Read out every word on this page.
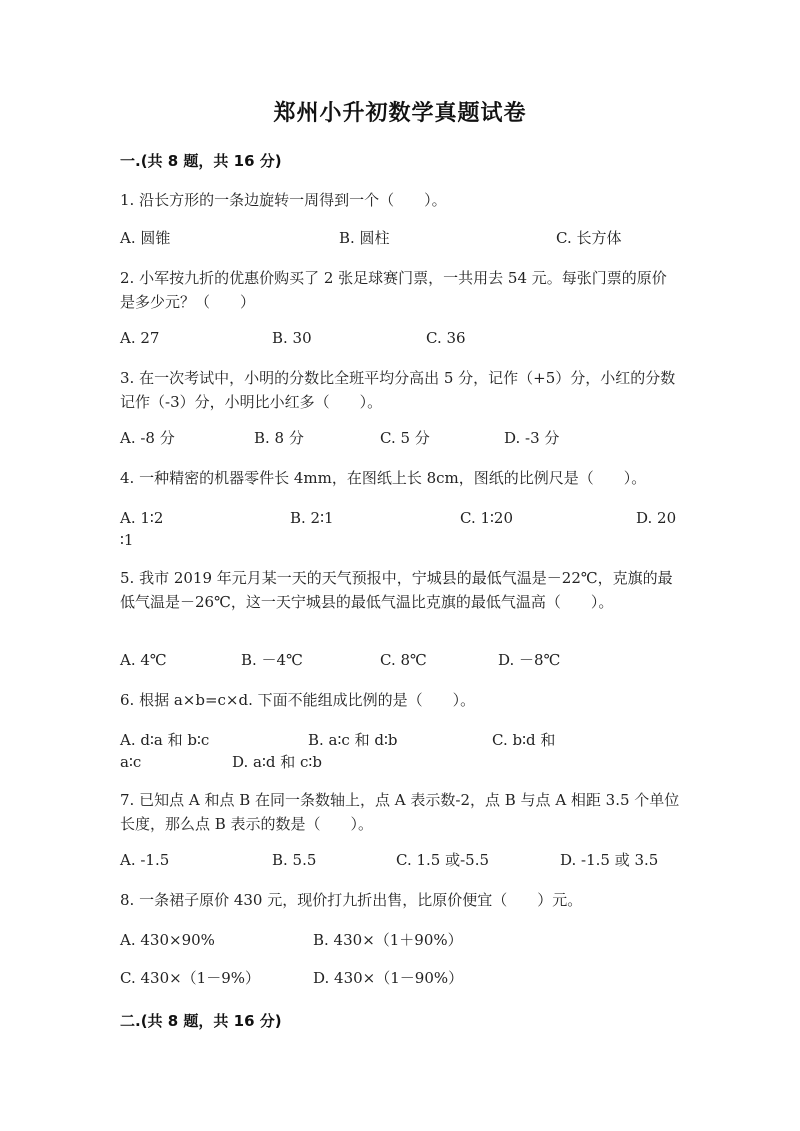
郑州小升初数学真题试卷
一.(共 8 题，共 16 分)
1. 沿长方形的一条边旋转一周得到一个（　　）。
A. 圆锥	B. 圆柱	C. 长方体
2. 小军按九折的优惠价购买了 2 张足球赛门票，一共用去 54 元。每张门票的原价是多少元？（　　）
A. 27	B. 30	C. 36
3. 在一次考试中，小明的分数比全班平均分高出 5 分，记作（+5）分，小红的分数记作（-3）分，小明比小红多（　　）。
A. -8 分	B. 8 分	C. 5 分	D. -3 分
4. 一种精密的机器零件长 4mm，在图纸上长 8cm，图纸的比例尺是（　　）。
A. 1∶2	B. 2∶1	C. 1∶20	D. 20
∶1
5. 我市 2019 年元月某一天的天气预报中，宁城县的最低气温是－22℃，克旗的最低气温是－26℃，这一天宁城县的最低气温比克旗的最低气温高（　　）。
A. 4℃	B. －4℃	C. 8℃	D. －8℃
6. 根据 a×b=c×d. 下面不能组成比例的是（　　）。
A. d∶a 和 b∶c	B. a∶c 和 d∶b	C. b∶d 和
a∶c	D. a∶d 和 c∶b
7. 已知点 A 和点 B 在同一条数轴上，点 A 表示数-2，点 B 与点 A 相距 3.5 个单位长度，那么点 B 表示的数是（　　）。
A. -1.5	B. 5.5	C. 1.5 或-5.5	D. -1.5 或 3.5
8. 一条裙子原价 430 元，现价打九折出售，比原价便宜（　　）元。
A. 430×90%	B. 430×（1＋90%）
C. 430×（1－9%）	D. 430×（1－90%）
二.(共 8 题，共 16 分)
